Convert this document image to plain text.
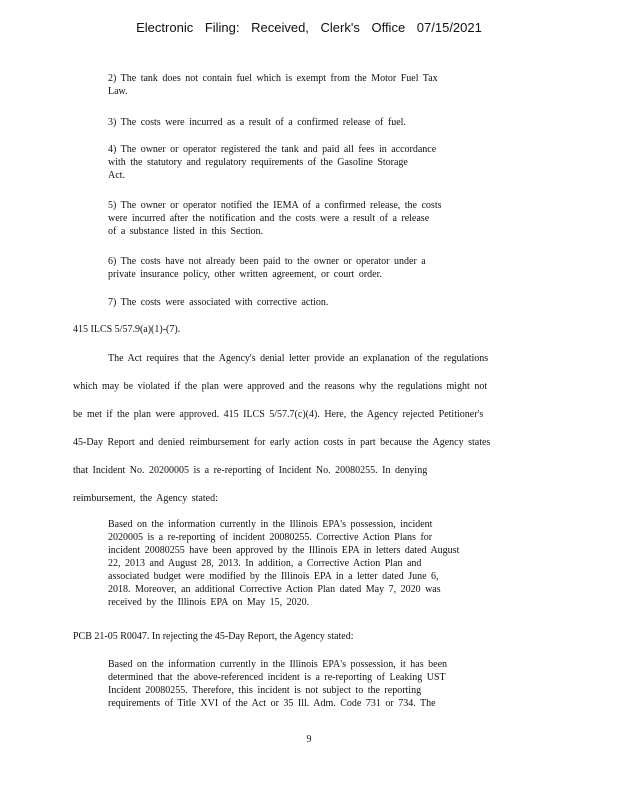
Electronic Filing: Received, Clerk's Office 07/15/2021
2) The tank does not contain fuel which is exempt from the Motor Fuel Tax
Law.
3) The costs were incurred as a result of a confirmed release of fuel.
4) The owner or operator registered the tank and paid all fees in accordance
with the statutory and regulatory requirements of the Gasoline Storage
Act.
5) The owner or operator notified the IEMA of a confirmed release, the costs
were incurred after the notification and the costs were a result of a release
of a substance listed in this Section.
6) The costs have not already been paid to the owner or operator under a
private insurance policy, other written agreement, or court order.
7) The costs were associated with corrective action.
415 ILCS 5/57.9(a)(1)-(7).
The Act requires that the Agency's denial letter provide an explanation of the regulations
which may be violated if the plan were approved and the reasons why the regulations might not
be met if the plan were approved. 415 ILCS 5/57.7(c)(4). Here, the Agency rejected Petitioner's
45-Day Report and denied reimbursement for early action costs in part because the Agency states
that Incident No. 20200005 is a re-reporting of Incident No. 20080255. In denying
reimbursement, the Agency stated:
Based on the information currently in the Illinois EPA's possession, incident
2020005 is a re-reporting of incident 20080255. Corrective Action Plans for
incident 20080255 have been approved by the Illinois EPA in letters dated August
22, 2013 and August 28, 2013. In addition, a Corrective Action Plan and
associated budget were modified by the Illinois EPA in a letter dated June 6,
2018. Moreover, an additional Corrective Action Plan dated May 7, 2020 was
received by the Illinois EPA on May 15, 2020.
PCB 21-05 R0047. In rejecting the 45-Day Report, the Agency stated:
Based on the information currently in the Illinois EPA's possession, it has been
determined that the above-referenced incident is a re-reporting of Leaking UST
Incident 20080255. Therefore, this incident is not subject to the reporting
requirements of Title XVI of the Act or 35 Ill. Adm. Code 731 or 734. The
9
